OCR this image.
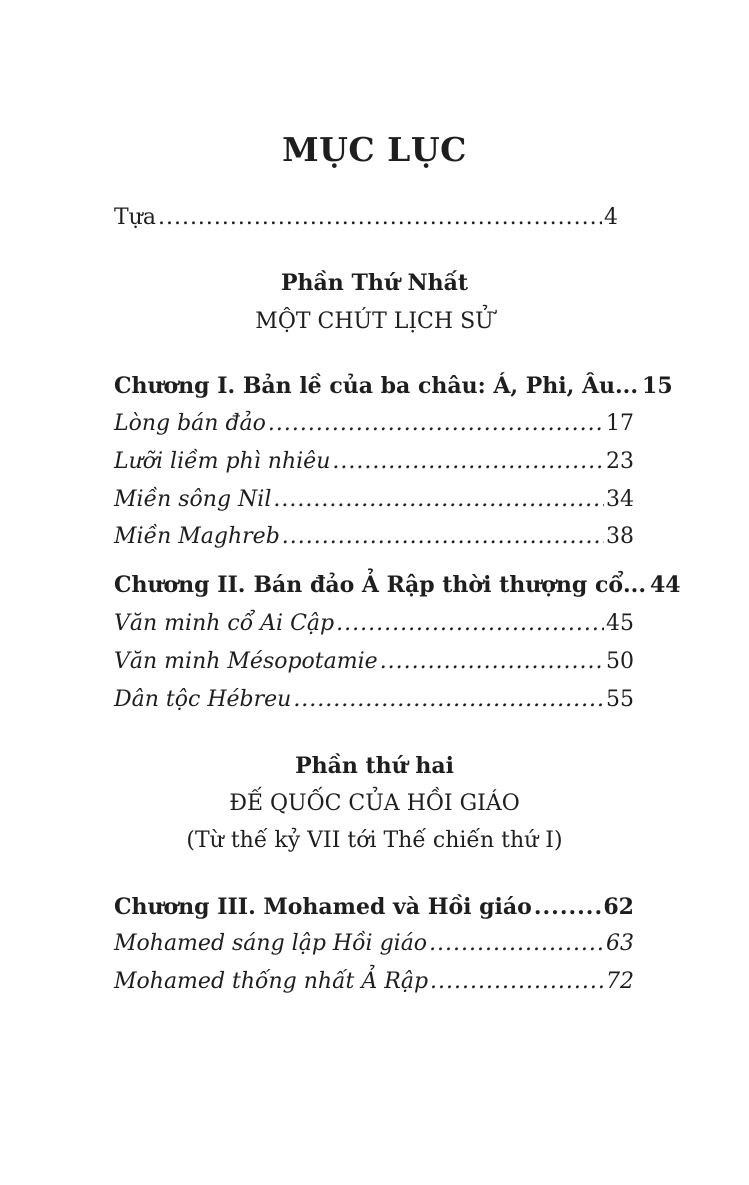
MỤC LỤC
Tựa .....	4
Phần Thứ Nhất
MỘT CHÚT LỊCH SỬ
Chương I. Bản lề của ba châu: Á, Phi, Âu... 15
Lòng bán đảo .....	17
Lưỡi liềm phì nhiêu .....	23
Miền sông Nil .....	34
Miền Maghreb .....	38
Chương II. Bán đảo Ả Rập thời thượng cổ... 44
Văn minh cổ Ai Cập .....	45
Văn minh Mésopotamie .....	50
Dân tộc Hébreu .....	55
Phần thứ hai
ĐẾ QUỐC CỦA HỒI GIÁO
(Từ thế kỷ VII tới Thế chiến thứ I)
Chương III. Mohamed và Hồi giáo .....	62
Mohamed sáng lập Hồi giáo .....	63
Mohamed thống nhất Ả Rập .....	72
